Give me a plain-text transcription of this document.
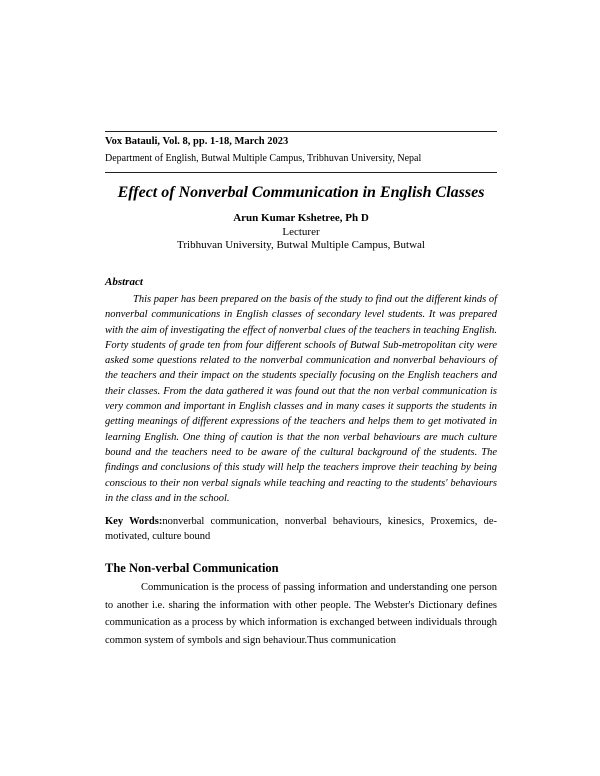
Vox Batauli, Vol. 8, pp. 1-18, March 2023
Department of English, Butwal Multiple Campus, Tribhuvan University, Nepal
Effect of Nonverbal Communication in English Classes
Arun Kumar Kshetree, Ph D
Lecturer
Tribhuvan University, Butwal Multiple Campus, Butwal
Abstract

This paper has been prepared on the basis of the study to find out the different kinds of nonverbal communications in English classes of secondary level students. It was prepared with the aim of investigating the effect of nonverbal clues of the teachers in teaching English. Forty students of grade ten from four different schools of Butwal Sub-metropolitan city were asked some questions related to the nonverbal communication and nonverbal behaviours of the teachers and their impact on the students specially focusing on the English teachers and their classes. From the data gathered it was found out that the non verbal communication is very common and important in English classes and in many cases it supports the students in getting meanings of different expressions of the teachers and helps them to get motivated in learning English. One thing of caution is that the non verbal behaviours are much culture bound and the teachers need to be aware of the cultural background of the students. The findings and conclusions of this study will help the teachers improve their teaching by being conscious to their non verbal signals while teaching and reacting to the students' behaviours in the class and in the school.

Key Words:nonverbal communication, nonverbal behaviours, kinesics, Proxemics, de-motivated, culture bound

The Non-verbal Communication

Communication is the process of passing information and understanding one person to another i.e. sharing the information with other people. The Webster's Dictionary defines communication as a process by which information is exchanged between individuals through common system of symbols and sign behaviour.Thus communication
